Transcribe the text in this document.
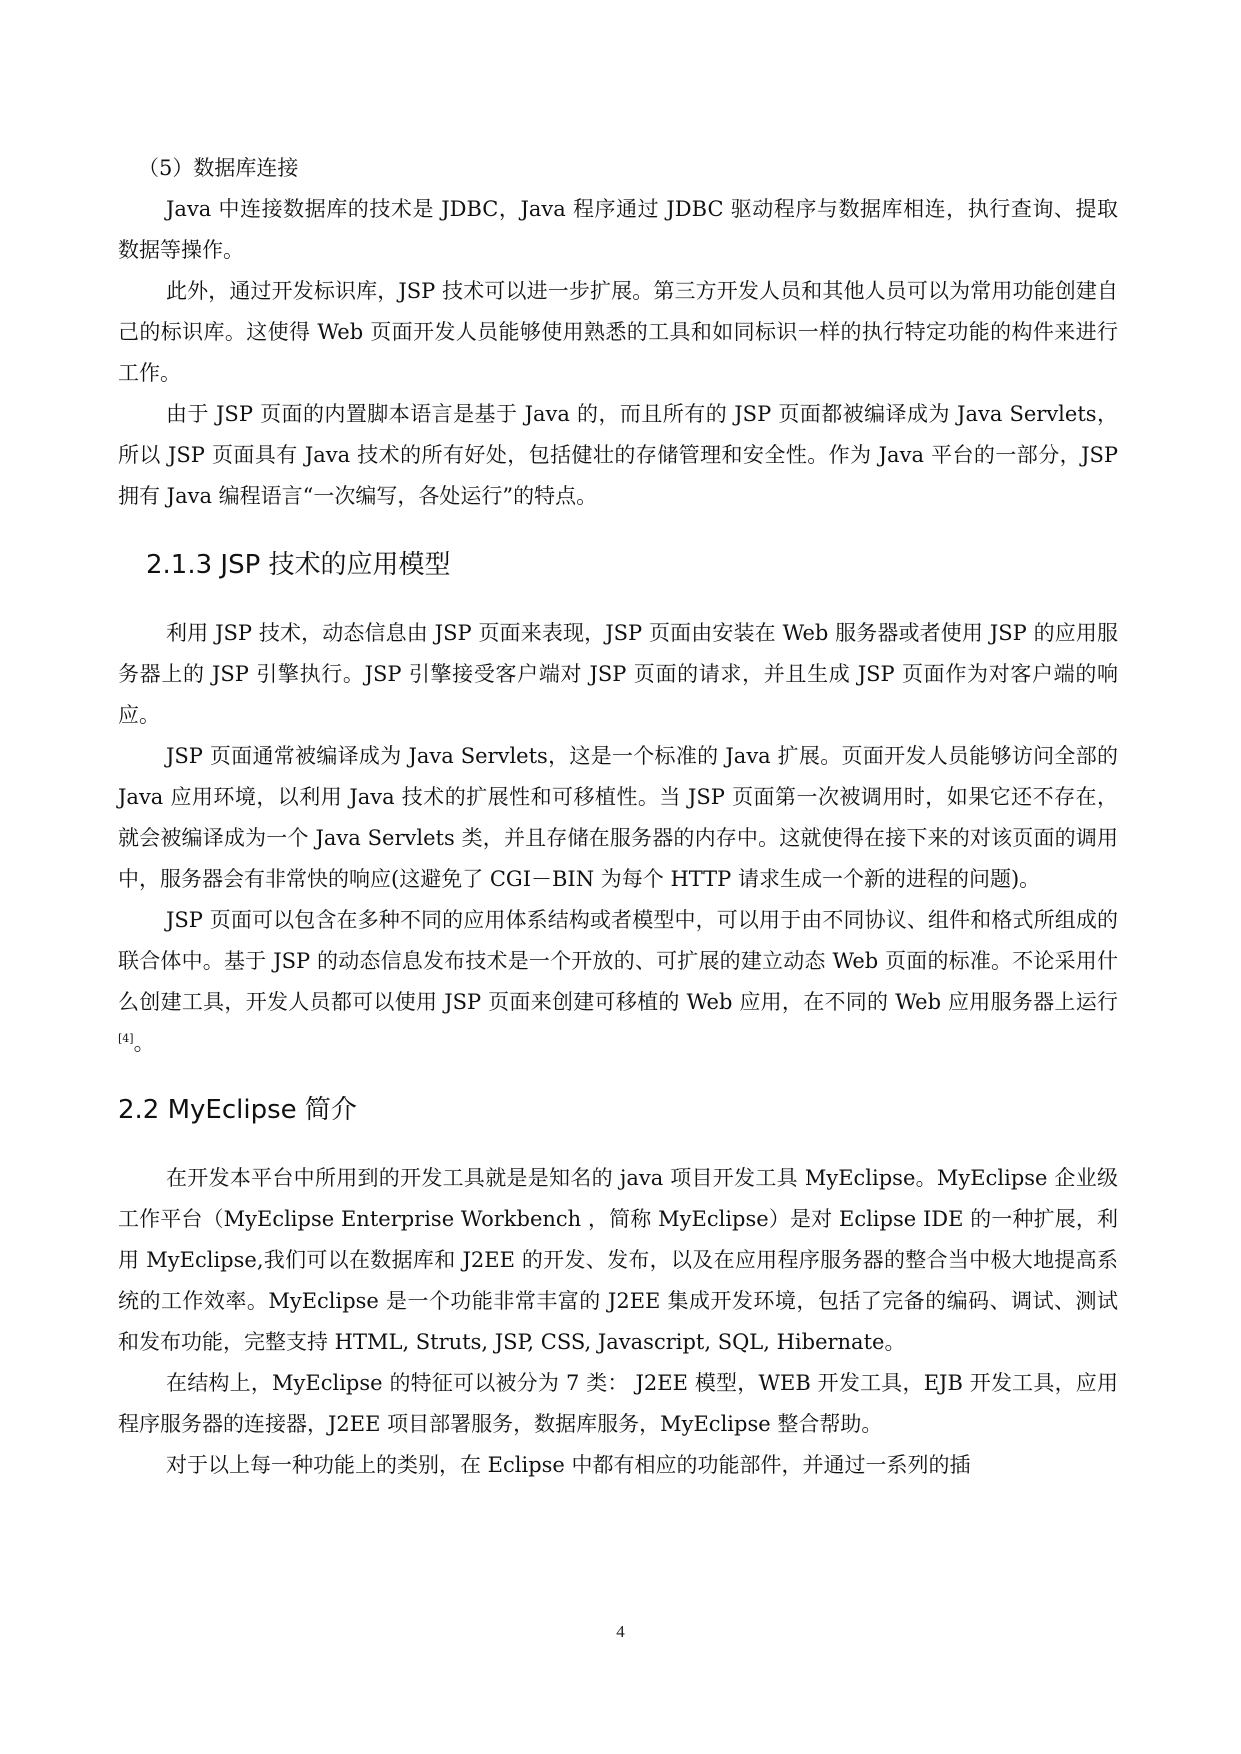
（5）数据库连接

Java 中连接数据库的技术是 JDBC，Java 程序通过 JDBC 驱动程序与数据库相连，执行查询、提取数据等操作。

此外，通过开发标识库，JSP 技术可以进一步扩展。第三方开发人员和其他人员可以为常用功能创建自己的标识库。这使得 Web 页面开发人员能够使用熟悉的工具和如同标识一样的执行特定功能的构件来进行工作。

由于 JSP 页面的内置脚本语言是基于 Java 的，而且所有的 JSP 页面都被编译成为 Java Servlets，所以 JSP 页面具有 Java 技术的所有好处，包括健壮的存储管理和安全性。作为 Java 平台的一部分，JSP 拥有 Java 编程语言“一次编写，各处运行”的特点。

2.1.3 JSP 技术的应用模型

利用 JSP 技术，动态信息由 JSP 页面来表现，JSP 页面由安装在 Web 服务器或者使用 JSP 的应用服务器上的 JSP 引擎执行。JSP 引擎接受客户端对 JSP 页面的请求，并且生成 JSP 页面作为对客户端的响应。

JSP 页面通常被编译成为 Java Servlets，这是一个标准的 Java 扩展。页面开发人员能够访问全部的 Java 应用环境，以利用 Java 技术的扩展性和可移植性。当 JSP 页面第一次被调用时，如果它还不存在，就会被编译成为一个 Java Servlets 类，并且存储在服务器的内存中。这就使得在接下来的对该页面的调用中，服务器会有非常快的响应(这避免了 CGI－BIN 为每个 HTTP 请求生成一个新的进程的问题)。

JSP 页面可以包含在多种不同的应用体系结构或者模型中，可以用于由不同协议、组件和格式所组成的联合体中。基于 JSP 的动态信息发布技术是一个开放的、可扩展的建立动态 Web 页面的标准。不论采用什么创建工具，开发人员都可以使用 JSP 页面来创建可移植的 Web 应用，在不同的 Web 应用服务器上运行[4]。

2.2 MyEclipse 简介

在开发本平台中所用到的开发工具就是是知名的 java 项目开发工具 MyEclipse。MyEclipse 企业级工作平台（MyEclipse Enterprise Workbench ，简称 MyEclipse）是对 Eclipse IDE 的一种扩展，利用 MyEclipse,我们可以在数据库和 J2EE 的开发、发布，以及在应用程序服务器的整合当中极大地提高系统的工作效率。MyEclipse 是一个功能非常丰富的 J2EE 集成开发环境，包括了完备的编码、调试、测试和发布功能，完整支持 HTML, Struts, JSP, CSS, Javascript, SQL, Hibernate。

在结构上，MyEclipse 的特征可以被分为 7 类： J2EE 模型，WEB 开发工具，EJB 开发工具，应用程序服务器的连接器，J2EE 项目部署服务，数据库服务，MyEclipse 整合帮助。

对于以上每一种功能上的类别，在 Eclipse 中都有相应的功能部件，并通过一系列的插

4
